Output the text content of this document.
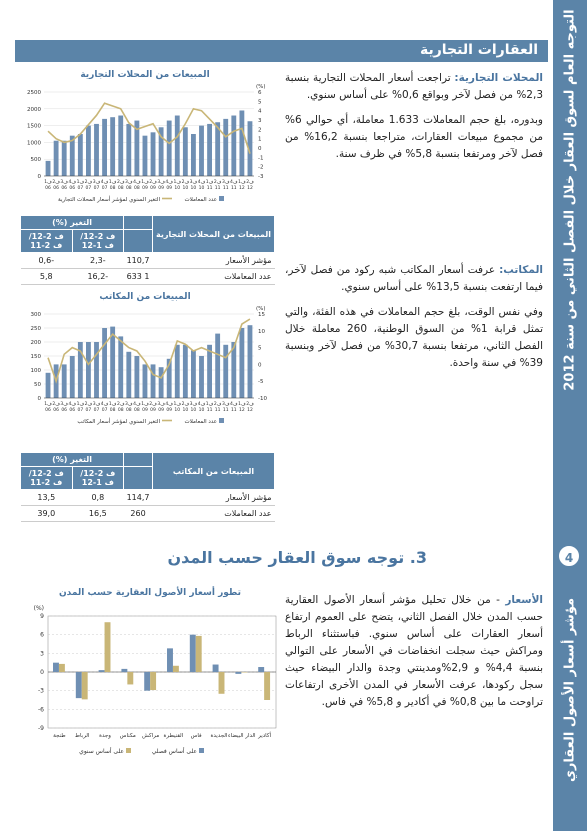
التوجه العام لسوق العقار خلال الفصل الثاني من سنة 2012
4
مؤشر أسعار الأصول العقاري
العقارات التجارية

المحلات التجارية: تراجعت أسعار المحلات التجارية بنسبة 2,3% من فصل لآخر وبواقع 0,6% على أساس سنوي.

وبدوره، بلغ حجم المعاملات 1.633 معاملة، أي حوالي 6% من مجموع مبيعات العقارات، متراجعا بنسبة 16,2% من فصل لآخر ومرتفعا بنسبة 5,8% في ظرف سنة.

المبيعات من المحلات التجارية
0
500
1000
1500
2000
2500
-3
-2
-1
0
1
2
3
4
5
6
(%)
ف1
06
ف2
06
ف3
06
ف4
06
ف1
07
ف2
07
ف3
07
ف4
07
ف1
08
ف2
08
ف3
08
ف4
08
ف1
09
ف2
09
ف3
09
ف4
09
ف1
10
ف2
10
ف3
10
ف4
10
ف1
11
ف2
11
ف3
11
ف4
11
ف1
12
ف2
12
عدد المعاملات
التغير السنوي لمؤشر أسعار المحلات التجارية
المبيعات من المحلات التجارية		التغير (%)	
		ف 2-12/ ف 1-12	ف 2-12/ ف 2-11
مؤشر الأسعار	110,7	-2,3	-0,6
عدد المعاملات	1 633	-16,2	5,8

المكاتب: عرفت أسعار المكاتب شبه ركود من فصل لآخر، فيما ارتفعت بنسبة 13,5% على أساس سنوي.

وفي نفس الوقت، بلغ حجم المعاملات في هذه الفئة، والتي تمثل قرابة 1% من السوق الوطنية، 260 معاملة خلال الفصل الثاني، مرتفعا بنسبة 30,7% من فصل لآخر وبنسبة 39% في سنة واحدة.

المبيعات من المكاتب
0
50
100
150
200
250
300
-10
-5
0
5
10
15
(%)
ف1
06
ف2
06
ف3
06
ف4
06
ف1
07
ف2
07
ف3
07
ف4
07
ف1
08
ف2
08
ف3
08
ف4
08
ف1
09
ف2
09
ف3
09
ف4
09
ف1
10
ف2
10
ف3
10
ف4
10
ف1
11
ف2
11
ف3
11
ف4
11
ف1
12
ف2
12
عدد المعاملات
التغير السنوي لمؤشر أسعار المكاتب
المبيعات من المكاتب		التغير (%)	
		ف 2-12/ ف 1-12	ف 2-12/ ف 2-11
مؤشر الأسعار	114,7	0,8	13,5
عدد المعاملات	260	16,5	39,0
3. توجه سوق العقار حسب المدن

الأسعار - من خلال تحليل مؤشر أسعار الأصول العقارية حسب المدن خلال الفصل الثاني، يتضح على العموم ارتفاع أسعار العقارات على أساس سنوي. فباستثناء الرباط ومراكش حيث سجلت انخفاضات في الأسعار على التوالي بنسبة 4,4% و 2,9%ومدينتي وجدة والدار البيضاء حيث سجل ركودها، عرفت الأسعار في المدن الأخرى ارتفاعات تراوحت ما بين 0,8% في أكادير و 5,8% في فاس.

تطور أسعار الأصول العقارية حسب المدن
-9
-6
-3
0
3
6
9
(%)
طنجة الرباط وجدة مكناس مراكش القنيطرة فاس الجديدة الدار البيضاء أكادير
على أساس فصلي
على أساس سنوي
